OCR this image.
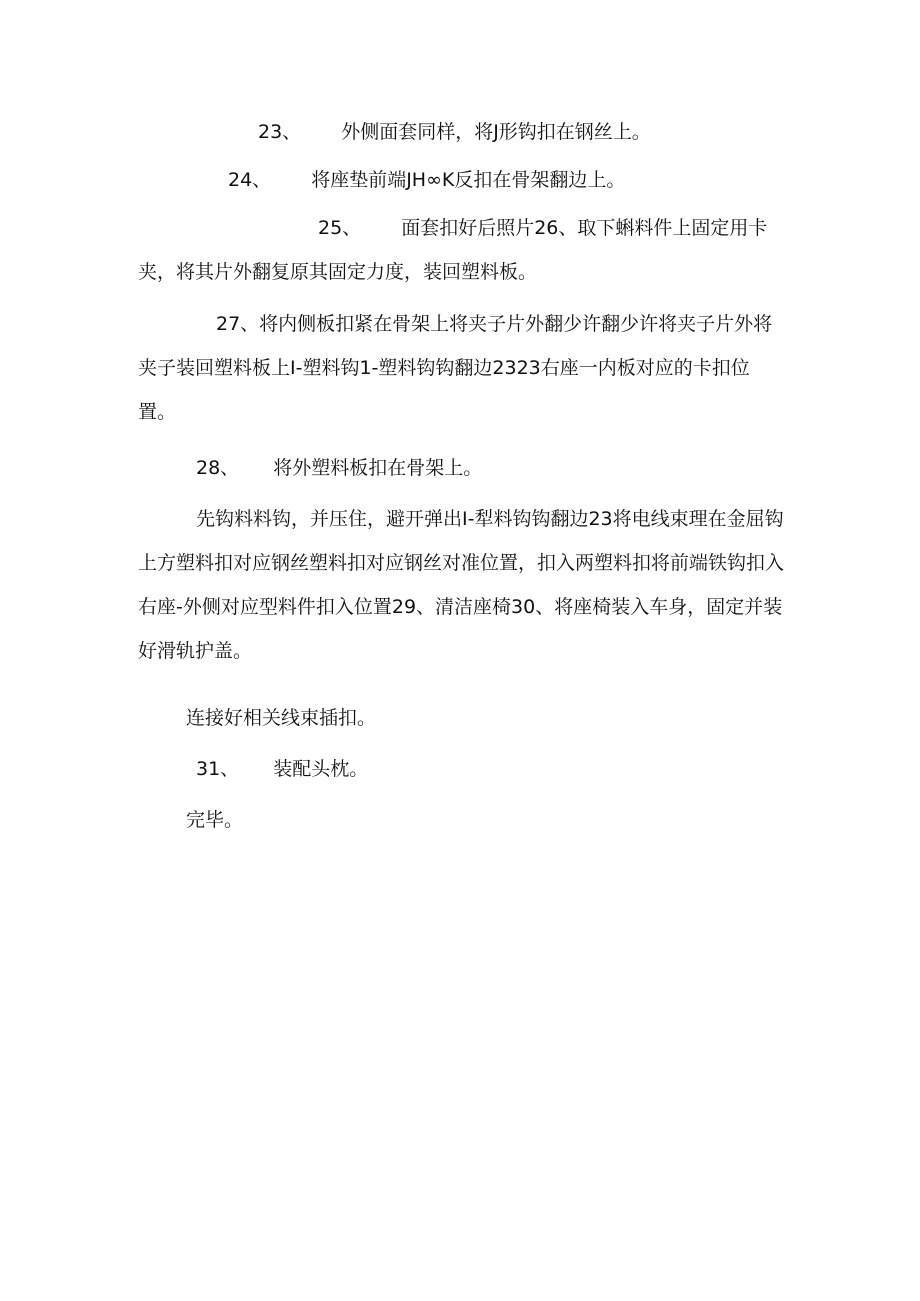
23、 外侧面套同样，将J形钩扣在钢丝上。

24、 将座垫前端JH∞K反扣在骨架翻边上。

25、 面套扣好后照片26、取下蝌料件上固定用卡夹，将其片外翻复原其固定力度，装回塑料板。

27、将内侧板扣紧在骨架上将夹子片外翻少许翻少许将夹子片外将夹子装回塑料板上I-塑料钩1-塑料钩钩翻边2323右座一内板对应的卡扣位置。

28、 将外塑料板扣在骨架上。

先钩料料钩，并压住，避开弹出I-犁料钩钩翻边23将电线束理在金屈钩上方塑料扣对应钢丝塑料扣对应钢丝对准位置，扣入两塑料扣将前端铁钩扣入右座-外侧对应型料件扣入位置29、清洁座椅30、将座椅装入车身，固定并装好滑轨护盖。

连接好相关线束插扣。

31、 装配头枕。

完毕。
